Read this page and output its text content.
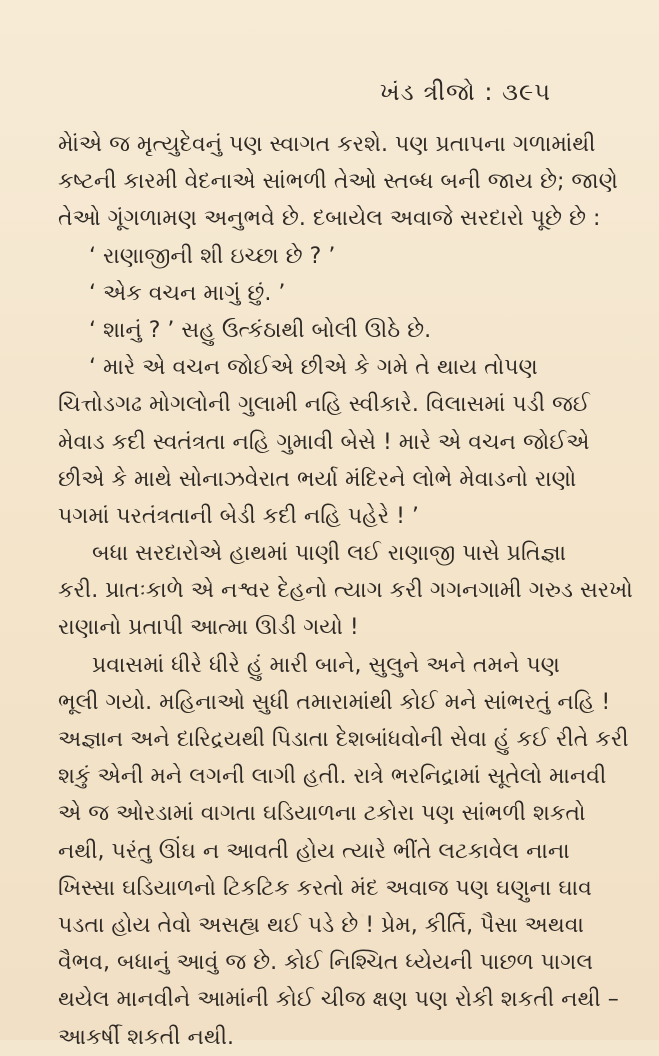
ખંડ ત્રીજો : ૩૯૫
મેાંએ જ મૃત્યુદેવનું પણ સ્વાગત કરશે. પણ પ્રતાપના ગળામાંથી
કષ્ટની કારમી વેદનાએ સાંભળી તેઓ સ્તબ્ધ બની જાય છે; જાણે
તેઓ ગૂંગળામણ અનુભવે છે. દબાયેલ અવાજે સરદારો પૂછે છે :
‘ રાણાજીની શી ઇચ્છા છે ? ’
‘ એક વચન માગું છું. ’
‘ શાનું ? ’ સહુ ઉત્કંઠાથી બોલી ઊઠે છે.
‘ મારે એ વચન જોઈએ છીએ કે ગમે તે થાય તોપણ
ચિત્તોડગઢ મોગલોની ગુલામી નહિ સ્વીકારે. વિલાસમાં પડી જઈ
મેવાડ કદી સ્વતંત્રતા નહિ ગુમાવી બેસે ! મારે એ વચન જોઈએ
છીએ કે માથે સોનાઝવેરાત ભર્યા મંદિરને લોભે મેવાડનો રાણો
પગમાં પરતંત્રતાની બેડી કદી નહિ પહેરે ! ’
બધા સરદારોએ હાથમાં પાણી લઈ રાણાજી પાસે પ્રતિજ્ઞા
કરી. પ્રાતઃકાળે એ નશ્વર દેહનો ત્યાગ કરી ગગનગામી ગરુડ સરખો
રાણાનો પ્રતાપી આત્મા ઊડી ગયો !
પ્રવાસમાં ધીરે ધીરે હું મારી બાને, સુલુને અને તમને પણ
ભૂલી ગયો. મહિનાઓ સુધી તમારામાંથી કોઈ મને સાંભરતું નહિ !
અજ્ઞાન અને દારિદ્રયથી પિડાતા દેશબાંધવોની સેવા હું કઈ રીતે કરી
શકું એની મને લગની લાગી હતી. રાત્રે ભરનિદ્રામાં સૂતેલો માનવી
એ જ ઓરડામાં વાગતા ઘડિયાળના ટકોરા પણ સાંભળી શકતો
નથી, પરંતુ ઊંઘ ન આવતી હોય ત્યારે ભીંતે લટકાવેલ નાના
ખિસ્સા ઘડિયાળનો ટિકટિક કરતો મંદ અવાજ પણ ઘણુના ઘાવ
પડતા હોય તેવો અસહ્ય થઈ પડે છે ! પ્રેમ, કીર્તિ, પૈસા અથવા
વૈભવ, બધાનું આવું જ છે. કોઈ નિશ્ચિત ધ્યેયની પાછળ પાગલ
થયેલ માનવીને આમાંની કોઈ ચીજ ક્ષણ પણ રોકી શકતી નથી –
આકર્ષી શકતી નથી.
